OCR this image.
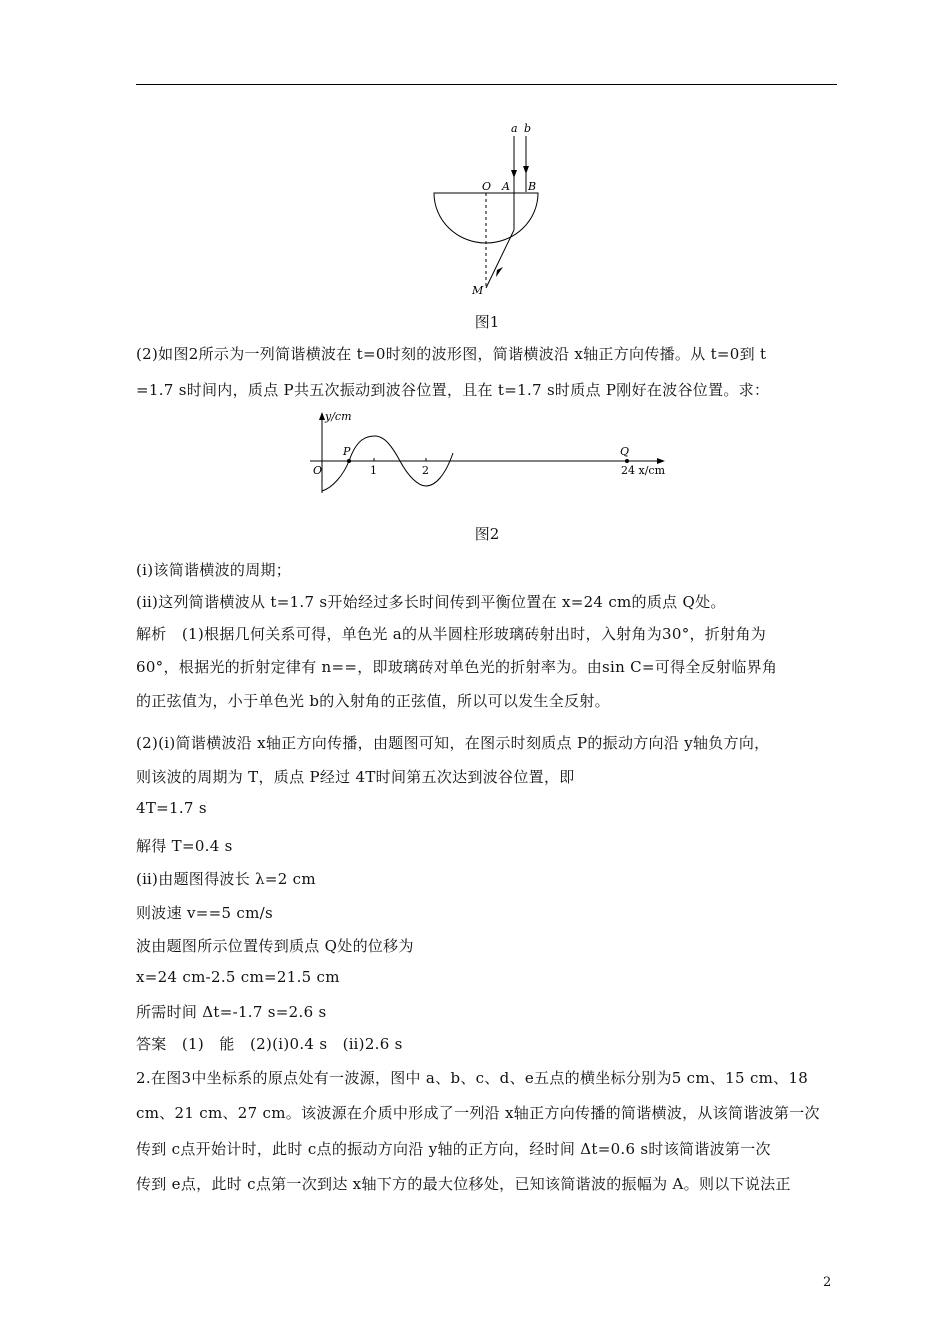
a b
O A B
M
图1
(2)如图2所示为一列简谐横波在 t=0时刻的波形图，简谐横波沿 x轴正方向传播。从 t=0到 t
=1.7 s时间内，质点 P共五次振动到波谷位置，且在 t=1.7 s时质点 P刚好在波谷位置。求：
y/cm
P
O	1	2
Q
24 x/cm
图2
(ⅰ)该简谐横波的周期；
(ⅱ)这列简谐横波从 t=1.7 s开始经过多长时间传到平衡位置在 x=24 cm的质点 Q处。
解析　(1)根据几何关系可得，单色光 a的从半圆柱形玻璃砖射出时，入射角为30°，折射角为
60°，根据光的折射定律有 n==，即玻璃砖对单色光的折射率为。由sin C=可得全反射临界角
的正弦值为，小于单色光 b的入射角的正弦值，所以可以发生全反射。
(2)(ⅰ)简谐横波沿 x轴正方向传播，由题图可知，在图示时刻质点 P的振动方向沿 y轴负方向，
则该波的周期为 T，质点 P经过 4T时间第五次达到波谷位置，即
4T=1.7 s
解得 T=0.4 s
(ⅱ)由题图得波长 λ=2 cm
则波速 v==5 cm/s
波由题图所示位置传到质点 Q处的位移为
x=24 cm-2.5 cm=21.5 cm
所需时间 Δt=-1.7 s=2.6 s
答案　(1)　能　(2)(ⅰ)0.4 s　(ⅱ)2.6 s
2.在图3中坐标系的原点处有一波源，图中 a、b、c、d、e五点的横坐标分别为5 cm、15 cm、18
cm、21 cm、27 cm。该波源在介质中形成了一列沿 x轴正方向传播的简谐横波，从该简谐波第一次
传到 c点开始计时，此时 c点的振动方向沿 y轴的正方向，经时间 Δt=0.6 s时该简谐波第一次
传到 e点，此时 c点第一次到达 x轴下方的最大位移处，已知该简谐波的振幅为 A。则以下说法正
2
